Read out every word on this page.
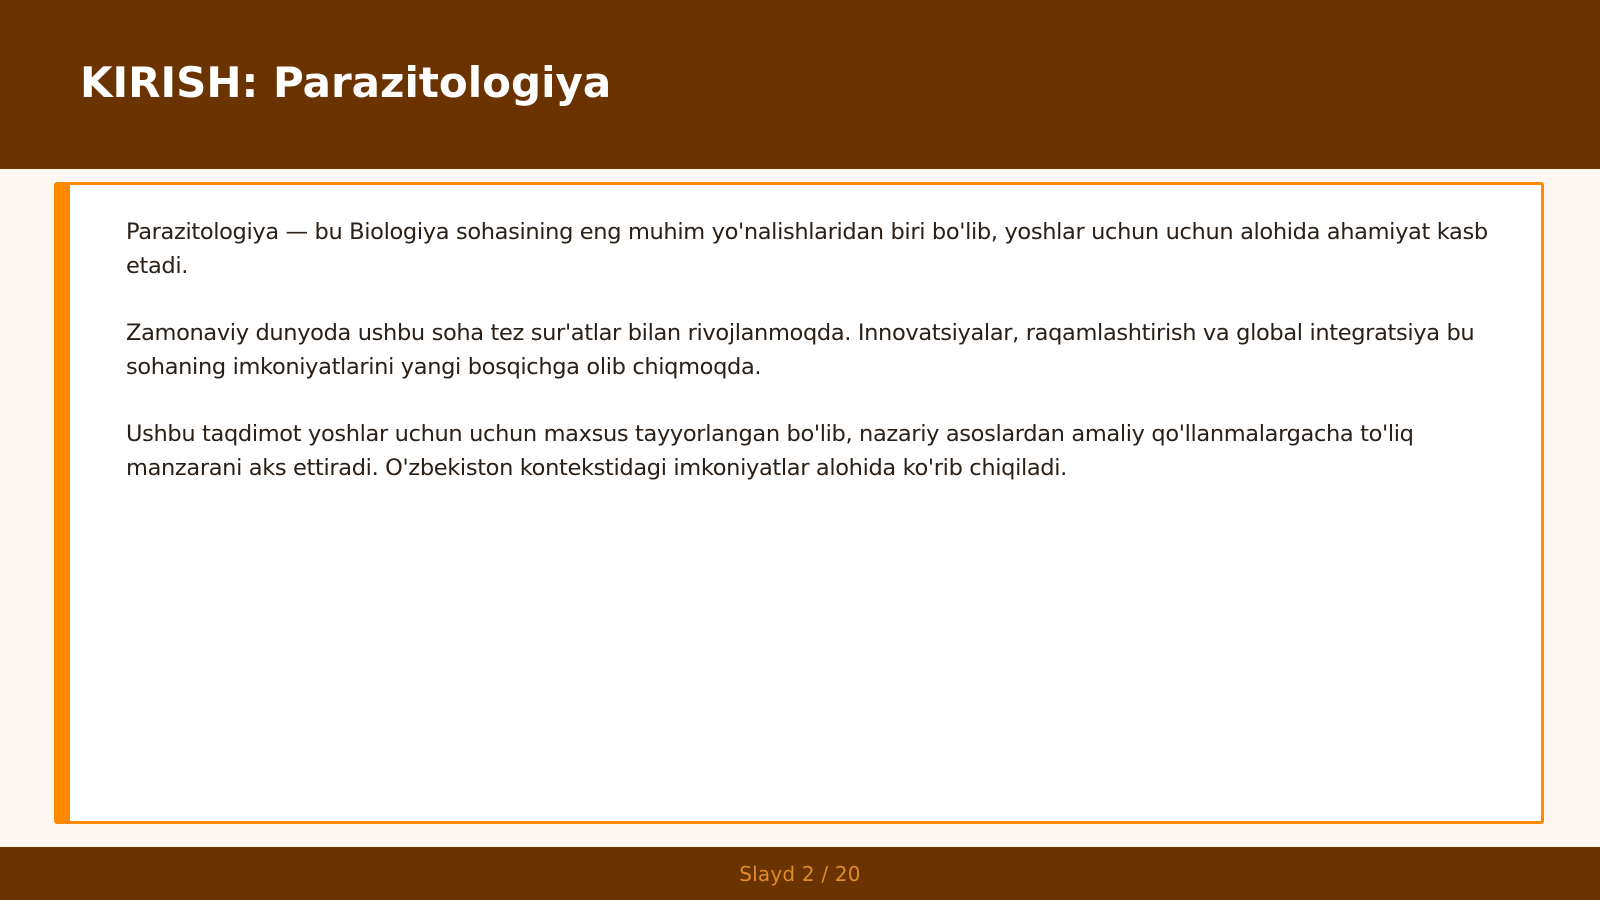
KIRISH: Parazitologiya

Parazitologiya — bu Biologiya sohasining eng muhim yo'nalishlaridan biri bo'lib, yoshlar uchun uchun alohida ahamiyat kasb etadi.

Zamonaviy dunyoda ushbu soha tez sur'atlar bilan rivojlanmoqda. Innovatsiyalar, raqamlashtirish va global integratsiya bu sohaning imkoniyatlarini yangi bosqichga olib chiqmoqda.

Ushbu taqdimot yoshlar uchun uchun maxsus tayyorlangan bo'lib, nazariy asoslardan amaliy qo'llanmalargacha to'liq manzarani aks ettiradi. O'zbekiston kontekstidagi imkoniyatlar alohida ko'rib chiqiladi.

Slayd 2 / 20
